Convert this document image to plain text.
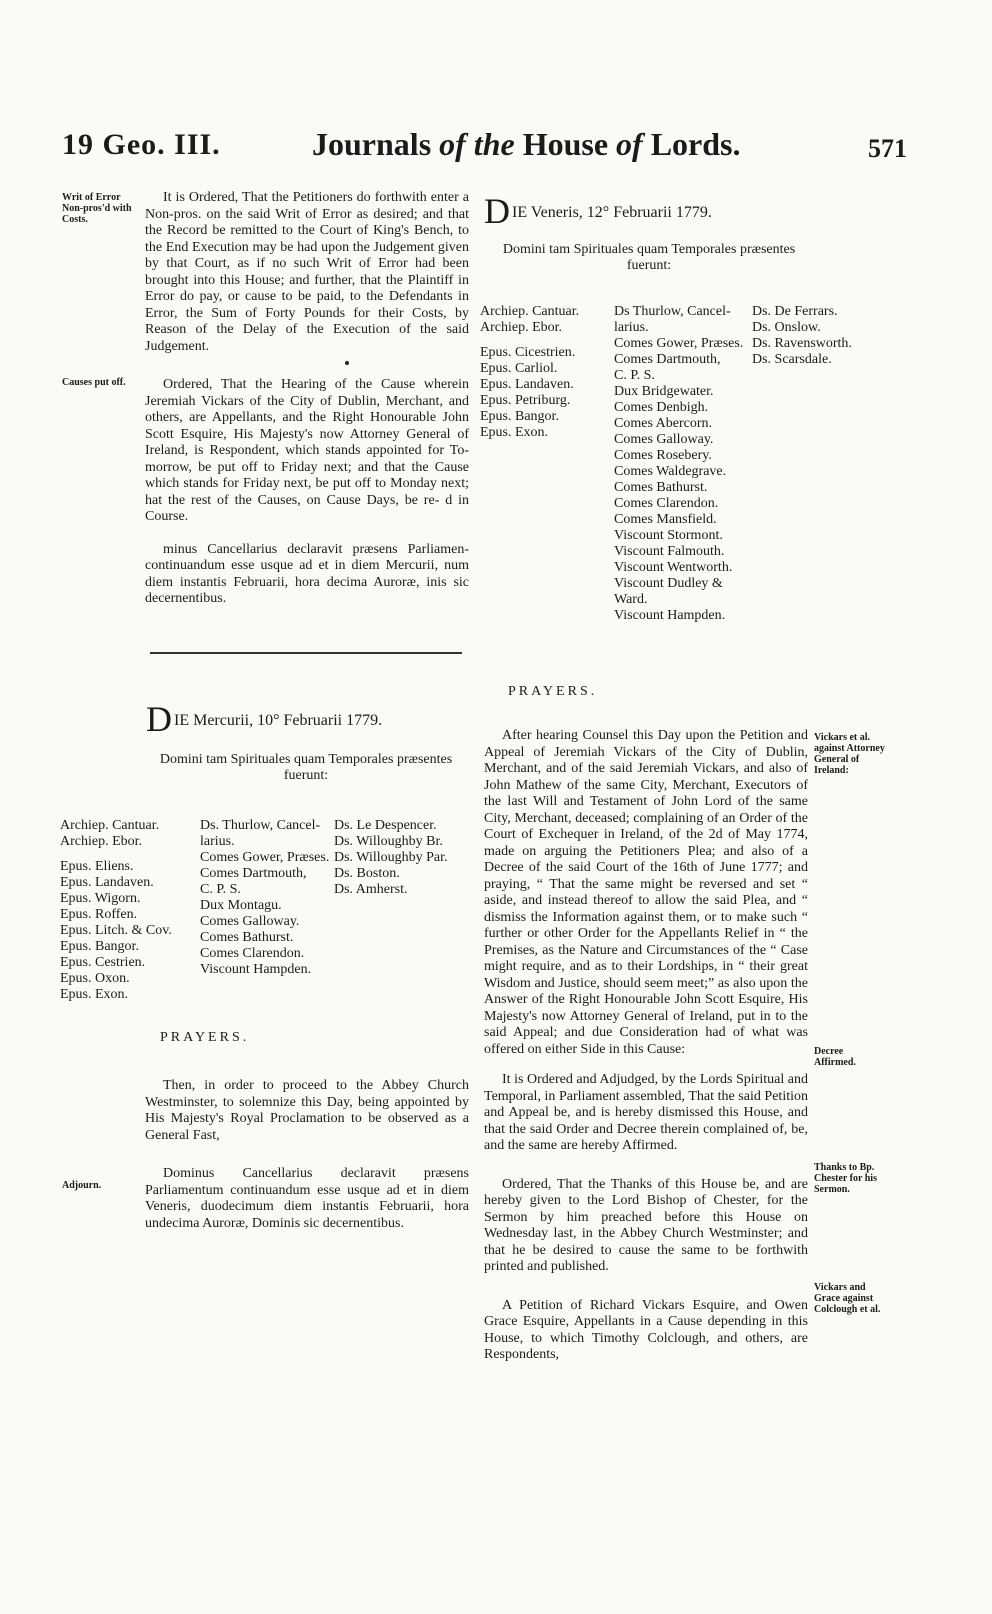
19 Geo. III.	Journals of the House of Lords.	571
Writ of Error Non-pros'd with Costs.

It is Ordered, That the Petitioners do forthwith enter a Non-pros. on the said Writ of Error as desired; and that the Record be remitted to the Court of King's Bench, to the End Execution may be had upon the Judgement given by that Court, as if no such Writ of Error had been brought into this House; and further, that the Plaintiff in Error do pay, or cause to be paid, to the Defendants in Error, the Sum of Forty Pounds for their Costs, by Reason of the Delay of the Execution of the said Judgement.

Ordered, That the Hearing of the Cause wherein Jeremiah Vickars of the City of Dublin, Merchant, and others, are Appellants, and the Right Honourable John Scott Esquire, His Majesty's now Attorney General of Ireland, is Respondent, which stands appointed for To-morrow, be put off to Friday next; and that the Cause which stands for Friday next, be put off to Monday next; hat the rest of the Causes, on Cause Days, be re- d in Course.

minus Cancellarius declaravit præsens Parliamen- continuandum esse usque ad et in diem Mercurii, num diem instantis Februarii, hora decima Auroræ, inis sic decernentibus.

Causes put off.
DIE Mercurii, 10° Februarii 1779.
Domini tam Spirituales quam Temporales præsentes fuerunt:
Archiep. Cantuar.
Archiep. Ebor.
Epus. Eliens.
Epus. Landaven.
Epus. Wigorn.
Epus. Roffen.
Epus. Litch. & Cov.
Epus. Bangor.
Epus. Cestrien.
Epus. Oxon.
Epus. Exon.
Ds. Thurlow, Cancel-
larius.
Comes Gower, Præses.
Comes Dartmouth,
C. P. S.
Dux Montagu.
Comes Galloway.
Comes Bathurst.
Comes Clarendon.
Viscount Hampden.
Ds. Le Despencer.
Ds. Willoughby Br.
Ds. Willoughby Par.
Ds. Boston.
Ds. Amherst.
PRAYERS.

Then, in order to proceed to the Abbey Church Westminster, to solemnize this Day, being appointed by His Majesty's Royal Proclamation to be observed as a General Fast,

Dominus Cancellarius declaravit præsens Parliamentum continuandum esse usque ad et in diem Veneris, duodecimum diem instantis Februarii, hora undecima Auroræ, Dominis sic decernentibus.

Adjourn.
DIE Veneris, 12° Februarii 1779.
Domini tam Spirituales quam Temporales præsentes fuerunt:
Archiep. Cantuar.
Archiep. Ebor.
Epus. Cicestrien.
Epus. Carliol.
Epus. Landaven.
Epus. Petriburg.
Epus. Bangor.
Epus. Exon.
Ds Thurlow, Cancel-
larius.
Comes Gower, Præses.
Comes Dartmouth,
C. P. S.
Dux Bridgewater.
Comes Denbigh.
Comes Abercorn.
Comes Galloway.
Comes Rosebery.
Comes Waldegrave.
Comes Bathurst.
Comes Clarendon.
Comes Mansfield.
Viscount Stormont.
Viscount Falmouth.
Viscount Wentworth.
Viscount Dudley &
Ward.
Viscount Hampden.
Ds. De Ferrars.
Ds. Onslow.
Ds. Ravensworth.
Ds. Scarsdale.
PRAYERS.

After hearing Counsel this Day upon the Petition and Appeal of Jeremiah Vickars of the City of Dublin, Merchant, and of the said Jeremiah Vickars, and also of John Mathew of the same City, Merchant, Executors of the last Will and Testament of John Lord of the same City, Merchant, deceased; complaining of an Order of the Court of Exchequer in Ireland, of the 2d of May 1774, made on arguing the Petitioners Plea; and also of a Decree of the said Court of the 16th of June 1777; and praying, “ That the same might be reversed and set “ aside, and instead thereof to allow the said Plea, and “ dismiss the Information against them, or to make such “ further or other Order for the Appellants Relief in “ the Premises, as the Nature and Circumstances of the “ Case might require, and as to their Lordships, in “ their great Wisdom and Justice, should seem meet;” as also upon the Answer of the Right Honourable John Scott Esquire, His Majesty's now Attorney General of Ireland, put in to the said Appeal; and due Consideration had of what was offered on either Side in this Cause:

It is Ordered and Adjudged, by the Lords Spiritual and Temporal, in Parliament assembled, That the said Petition and Appeal be, and is hereby dismissed this House, and that the said Order and Decree therein complained of, be, and the same are hereby Affirmed.

Ordered, That the Thanks of this House be, and are hereby given to the Lord Bishop of Chester, for the Sermon by him preached before this House on Wednesday last, in the Abbey Church Westminster; and that he be desired to cause the same to be forthwith printed and published.

A Petition of Richard Vickars Esquire, and Owen Grace Esquire, Appellants in a Cause depending in this House, to which Timothy Colclough, and others, are Respondents,

Vickars et al. against Attorney General of Ireland:
Decree Affirmed.
Thanks to Bp. Chester for his Sermon.
Vickars and Grace against Colclough et al.
